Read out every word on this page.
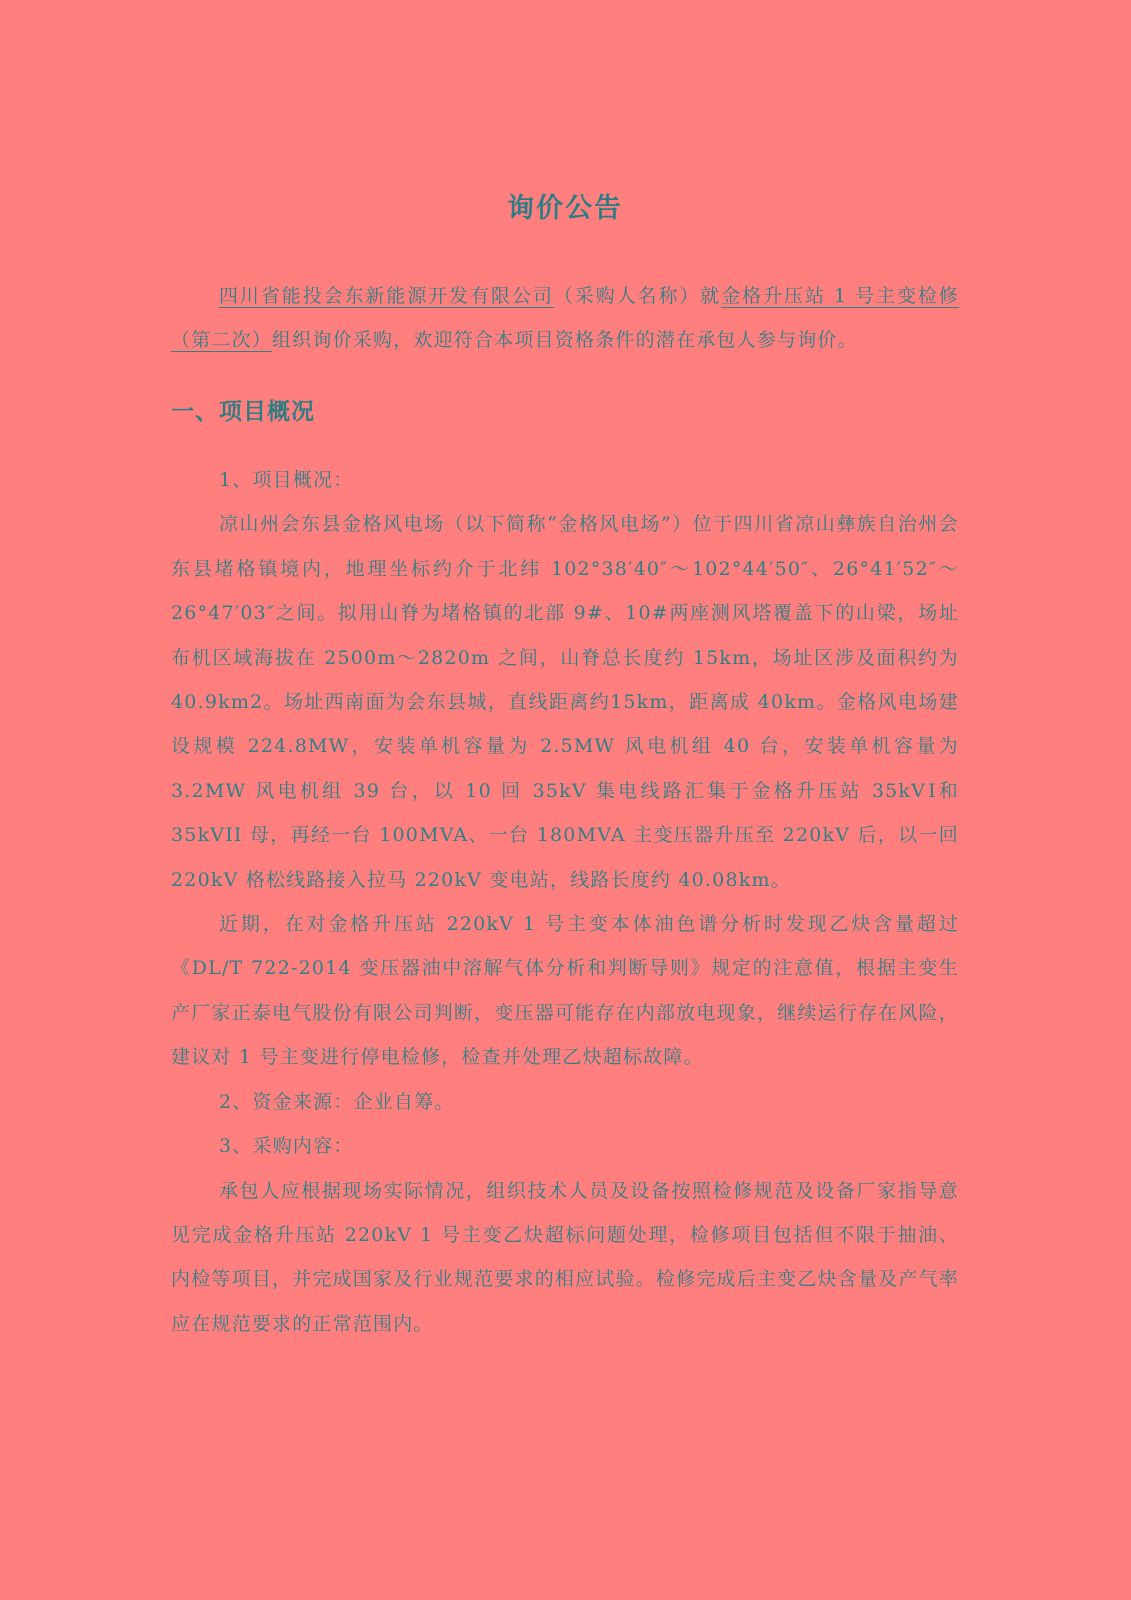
询价公告
四川省能投会东新能源开发有限公司（采购人名称）就金格升压站 1 号主变检修（第二次）组织询价采购，欢迎符合本项目资格条件的潜在承包人参与询价。
一、项目概况

1、项目概况：

凉山州会东县金格风电场（以下简称“金格风电场”）位于四川省凉山彝族自治州会东县堵格镇境内，地理坐标约介于北纬 102°38′40″～102°44′50″、26°41′52″～26°47′03″之间。拟用山脊为堵格镇的北部 9#、10#两座测风塔覆盖下的山梁，场址布机区域海拔在 2500m～2820m 之间，山脊总长度约 15km，场址区涉及面积约为 40.9km2。场址西南面为会东县城，直线距离约15km，距离成 40km。金格风电场建设规模 224.8MW，安装单机容量为 2.5MW 风电机组 40 台，安装单机容量为 3.2MW 风电机组 39 台，以 10 回 35kV 集电线路汇集于金格升压站 35kVⅠ和 35kVII 母，再经一台 100MVA、一台 180MVA 主变压器升压至 220kV 后，以一回 220kV 格松线路接入拉马 220kV 变电站，线路长度约 40.08km。

近期，在对金格升压站 220kV 1 号主变本体油色谱分析时发现乙炔含量超过《DL/T 722-2014 变压器油中溶解气体分析和判断导则》规定的注意值，根据主变生产厂家正泰电气股份有限公司判断，变压器可能存在内部放电现象，继续运行存在风险，建议对 1 号主变进行停电检修，检查并处理乙炔超标故障。

2、资金来源：企业自筹。

3、采购内容：

承包人应根据现场实际情况，组织技术人员及设备按照检修规范及设备厂家指导意见完成金格升压站 220kV 1 号主变乙炔超标问题处理，检修项目包括但不限于抽油、内检等项目，并完成国家及行业规范要求的相应试验。检修完成后主变乙炔含量及产气率应在规范要求的正常范围内。
